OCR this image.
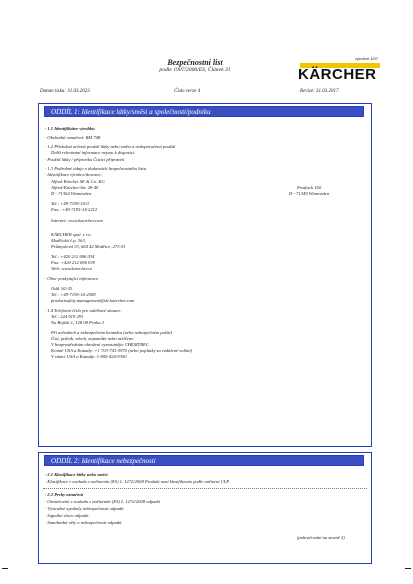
Bezpečnostní list
podle 1907/2006/ES, Článek 31
výrobce 1/07
KÄRCHER
Datum tisku: 31.03.2023	Číslo verze 4	Revize: 31.03.2017
ODDÍL 1: Identifikace látky/směsi a společnosti/podniku
· 1.1 Identifikátor výrobku
· Obchodní označení: RM 748
· 1.2 Příslušná určená použití látky nebo směsi a nedoporučená použití
Další relevantní informace nejsou k dispozici.
· Použití látky / přípravku Čisticí přípravek
· 1.3 Podrobné údaje o dodavateli bezpečnostního listu
· Identifikace výrobce/dovozce:
Alfred Kärcher SE & Co. KG
Alfred-Kärcher-Str. 28-40
D - 71364 Winnenden
Postfach 160
D - 71349 Winnenden
Tel.: +49-7195-14-0
Fax.: +49-7195-14-2212
Internet: www.kaercher.com
KÄRCHER spol. s r.o.
Modřická č.p. 363,
Průmyslová 33, 664 42 Modřice, 273 03
Tel.: +420 212 696 034
Fax: +420 212 696 039
Web: www.kaercher.cz
· Obor poskytující informace:
Odd. SG-D
Tel.: +49-7195-14-2508
productsafety.management@de.kaercher.com
· 1.4 Telefonní číslo pro naléhavé situace:
Tel.: 224 919 293
Na Bojišti 1, 128 08 Praha 2
Při nehodách a nebezpečném kontaktu (nebo nebezpečném požití)
Ústí, průtok, vdech, nepomůže nebo nelíčeno
V bezprostředním ohrožení vyrozumějte CHEMTREC
Kromě USA a Kanady: +1 703-741-5970 (nebo poplatky za vzdálené volání)
V rámci USA a Kanady: 1-800-424-9300
ODDÍL 2: Identifikace nebezpečnosti
· 2.1 Klasifikace látky nebo směsi
· Klasifikace v souladu s nařízením (ES) č. 1272/2008 Produkt není klasifikován podle nařízení CLP.
· 2.2 Prvky označení
· Označování v souladu s nařízením (ES) č. 1272/2008 odpadá
· Výstražné symboly nebezpečnosti odpadá
· Signální slovo odpadá
· Standardní věty o nebezpečnosti odpadá
(pokračování na straně 2)
